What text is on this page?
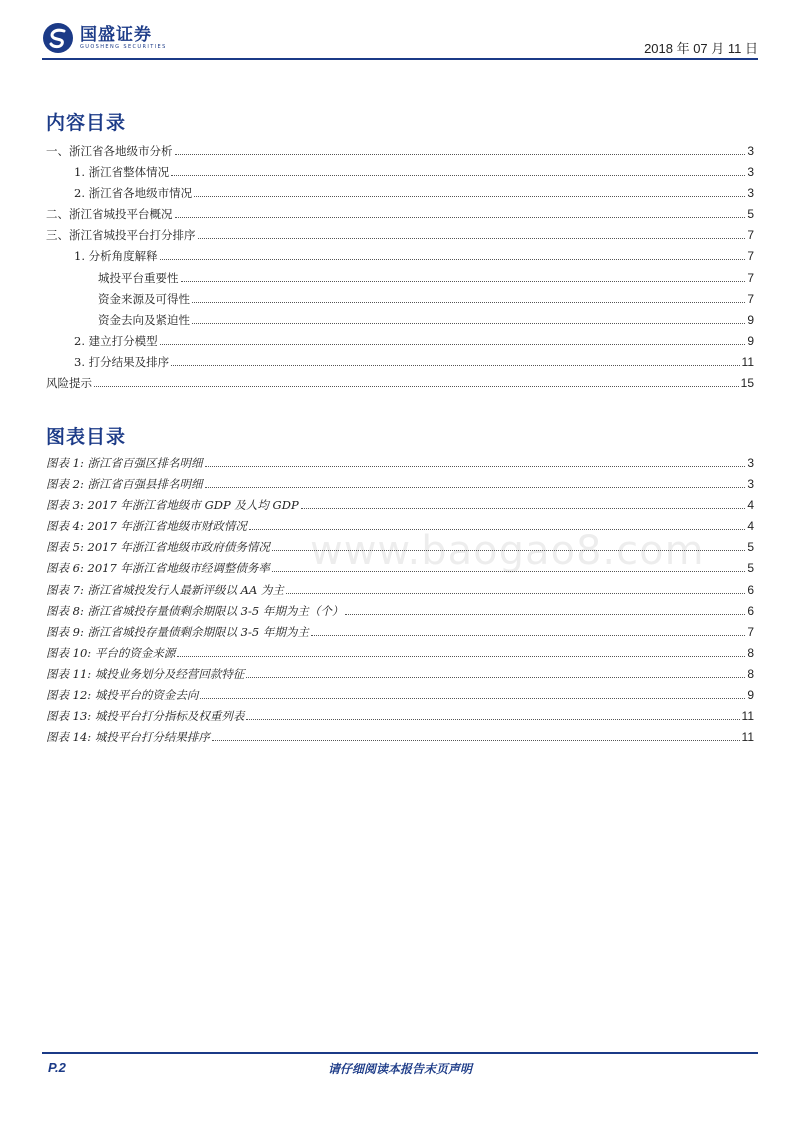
国盛证券
GUOSHENG SECURITIES	2018 年 07 月 11 日
内容目录
一、浙江省各地级市分析	3
1. 浙江省整体情况	3
2. 浙江省各地级市情况	3
二、浙江省城投平台概况	5
三、浙江省城投平台打分排序	7
1. 分析角度解释	7
城投平台重要性	7
资金来源及可得性	7
资金去向及紧迫性	9
2. 建立打分模型	9
3. 打分结果及排序	11
风险提示	15
图表目录
图表 1: 浙江省百强区排名明细	3
图表 2: 浙江省百强县排名明细	3
图表 3: 2017 年浙江省地级市 GDP 及人均 GDP	4
图表 4: 2017 年浙江省地级市财政情况	4
图表 5: 2017 年浙江省地级市政府债务情况	5
图表 6: 2017 年浙江省地级市经调整债务率	5
图表 7: 浙江省城投发行人最新评级以 AA 为主	6
图表 8: 浙江省城投存量债剩余期限以 3-5 年期为主（个）	6
图表 9: 浙江省城投存量债剩余期限以 3-5 年期为主	7
图表 10: 平台的资金来源	8
图表 11: 城投业务划分及经营回款特征	8
图表 12: 城投平台的资金去向	9
图表 13: 城投平台打分指标及权重列表	11
图表 14: 城投平台打分结果排序	11
www.baogao8.com
P.2	请仔细阅读本报告末页声明
